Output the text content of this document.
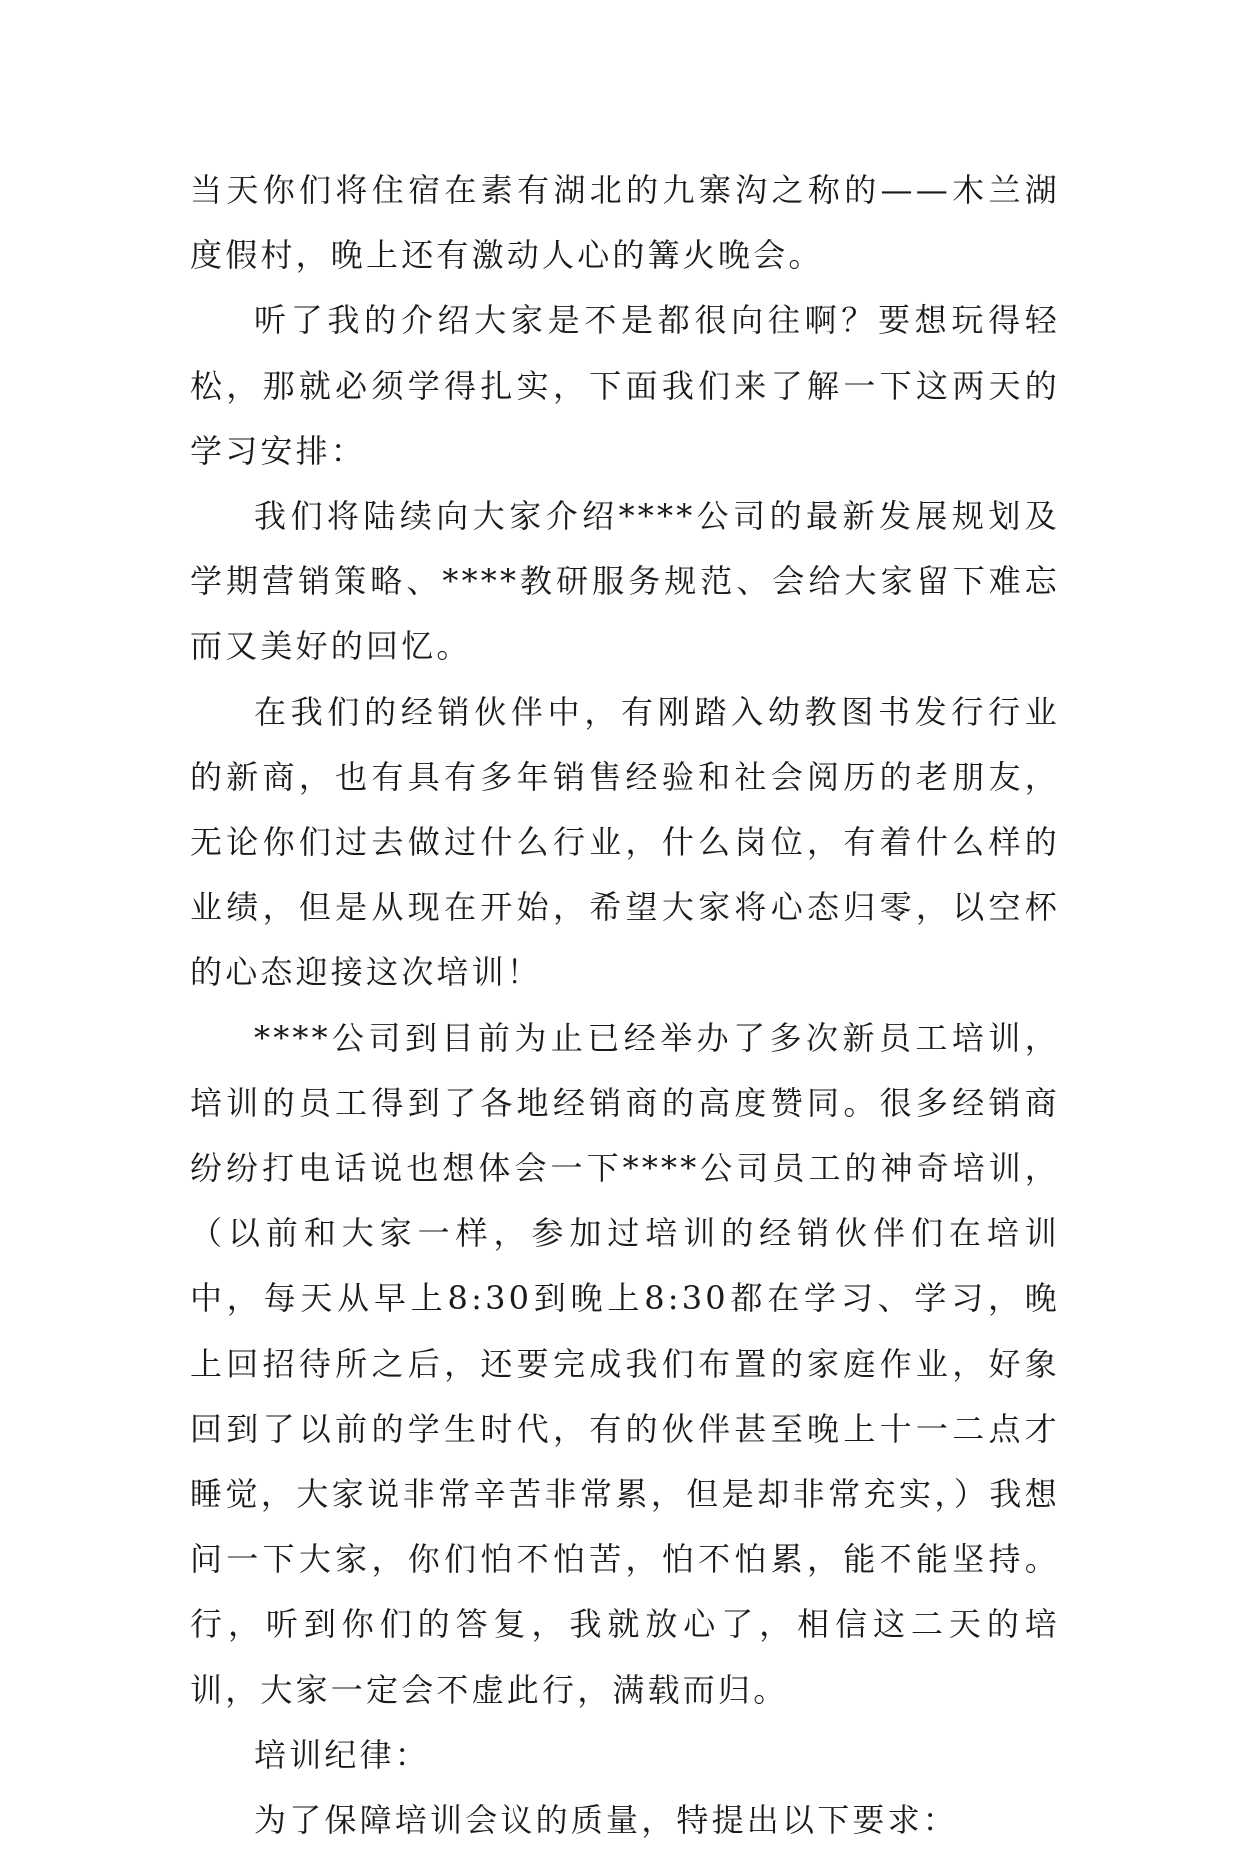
当天你们将住宿在素有湖北的九寨沟之称的——木兰湖度假村，晚上还有激动人心的篝火晚会。

听了我的介绍大家是不是都很向往啊？要想玩得轻松，那就必须学得扎实，下面我们来了解一下这两天的学习安排：

我们将陆续向大家介绍****公司的最新发展规划及学期营销策略、****教研服务规范、会给大家留下难忘而又美好的回忆。

在我们的经销伙伴中，有刚踏入幼教图书发行行业的新商，也有具有多年销售经验和社会阅历的老朋友，无论你们过去做过什么行业，什么岗位，有着什么样的业绩，但是从现在开始，希望大家将心态归零，以空杯的心态迎接这次培训！

****公司到目前为止已经举办了多次新员工培训，培训的员工得到了各地经销商的高度赞同。很多经销商纷纷打电话说也想体会一下****公司员工的神奇培训，（以前和大家一样，参加过培训的经销伙伴们在培训中，每天从早上8:30到晚上8:30都在学习、学习，晚上回招待所之后，还要完成我们布置的家庭作业，好象回到了以前的学生时代，有的伙伴甚至晚上十一二点才睡觉，大家说非常辛苦非常累，但是却非常充实，）我想问一下大家，你们怕不怕苦，怕不怕累，能不能坚持。行，听到你们的答复，我就放心了，相信这二天的培训，大家一定会不虚此行，满载而归。

培训纪律：

为了保障培训会议的质量，特提出以下要求：
